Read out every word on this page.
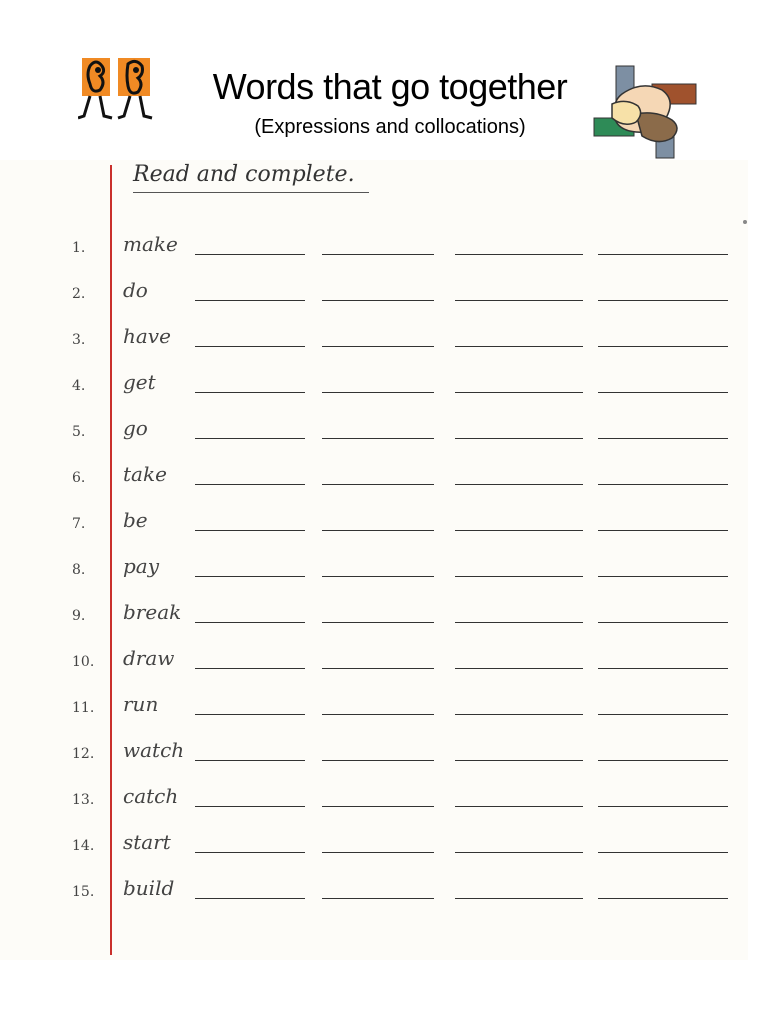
Words that go together
(Expressions and collocations)
Read and complete.
1.	make
2.	do
3.	have
4.	get
5.	go
6.	take
7.	be
8.	pay
9.	break
10. draw
11. run
12. watch
13. catch
14. start
15. build
